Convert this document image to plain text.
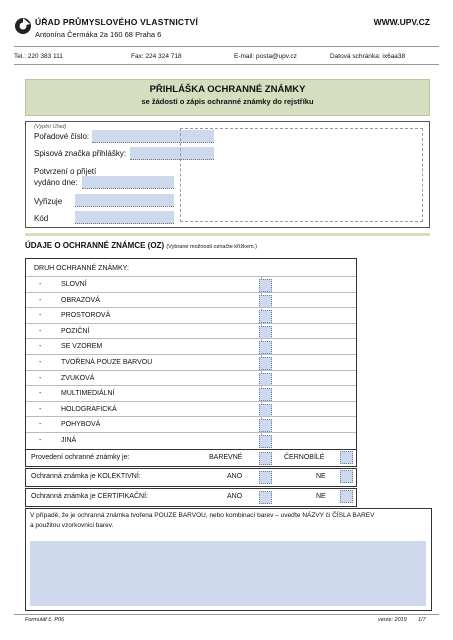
ÚŘAD PRŮMYSLOVÉHO VLASTNICTVÍ
Antonína Čermáka 2a 160 68 Praha 6
WWW.UPV.CZ
Tel.: 220 383 111	Fax: 224 324 718	E-mail: posta@upv.cz	Datová schránka: ix6aa38
PŘIHLÁŠKA OCHRANNÉ ZNÁMKY
se žádostí o zápis ochranné známky do rejstříku
(Vyplní Úřad)
Pořadové číslo:
Spisová značka přihlášky:
Potvrzení o přijetí
vydáno dne:
Vyřizuje
Kód
ÚDAJE O OCHRANNÉ ZNÁMCE (OZ) (Vybrané možnosti označte křížkem.)
DRUH OCHRANNÉ ZNÁMKY:
-	SLOVNÍ
-	OBRAZOVÁ
-	PROSTOROVÁ
-	POZIČNÍ
-	SE VZOREM
-	TVOŘENÁ POUZE BARVOU
-	ZVUKOVÁ
-	MULTIMEDIÁLNÍ
-	HOLOGRAFICKÁ
-	POHYBOVÁ
-	JINÁ
Provedení ochranné známky je:	BAREVNÉ	ČERNOBÍLÉ
Ochranná známka je KOLEKTIVNÍ:	ANO	NE
Ochranná známka je CERTIFIKAČNÍ:	ANO	NE
V případě, že je ochranná známka tvořena POUZE BARVOU, nebo kombinací barev – uveďte NÁZVY či ČÍSLA BAREV
a použitou vzorkovnici barev.
Formulář č. P06	verze: 2019 1/7
